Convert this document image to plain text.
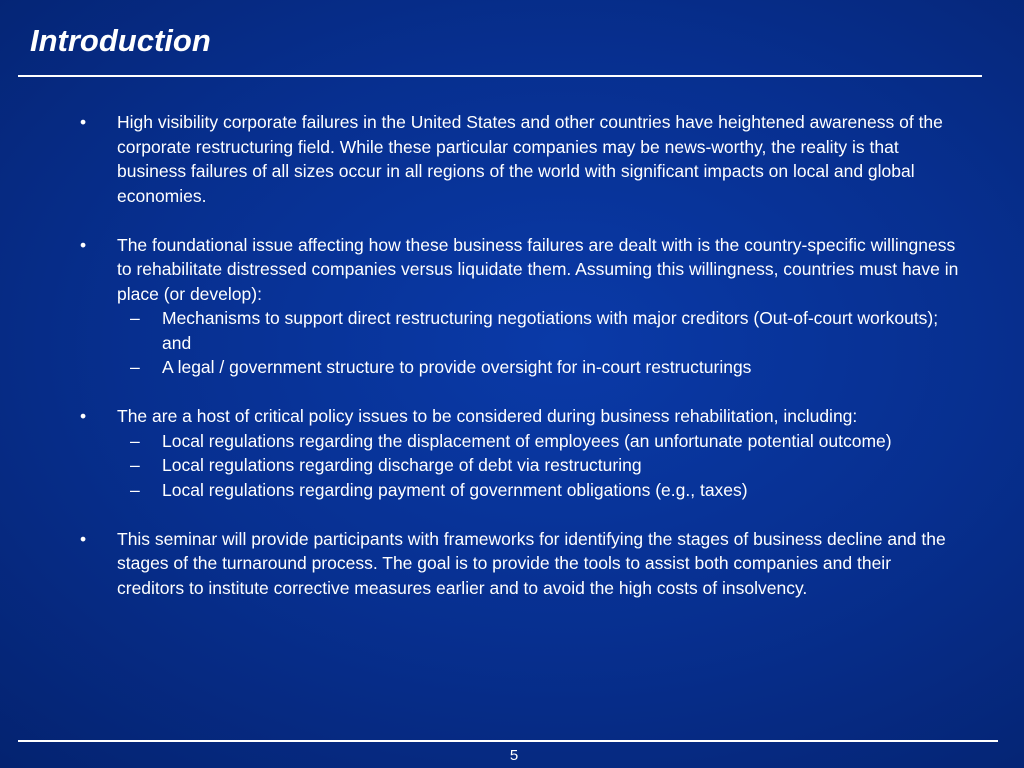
Introduction
• High visibility corporate failures in the United States and other countries have heightened awareness of the corporate restructuring field. While these particular companies may be news-worthy, the reality is that business failures of all sizes occur in all regions of the world with significant impacts on local and global economies.
• The foundational issue affecting how these business failures are dealt with is the country-specific willingness to rehabilitate distressed companies versus liquidate them. Assuming this willingness, countries must have in place (or develop):
– Mechanisms to support direct restructuring negotiations with major creditors (Out-of-court workouts); and
– A legal / government structure to provide oversight for in-court restructurings
• The are a host of critical policy issues to be considered during business rehabilitation, including:
– Local regulations regarding the displacement of employees (an unfortunate potential outcome)
– Local regulations regarding discharge of debt via restructuring
– Local regulations regarding payment of government obligations (e.g., taxes)
• This seminar will provide participants with frameworks for identifying the stages of business decline and the stages of the turnaround process. The goal is to provide the tools to assist both companies and their creditors to institute corrective measures earlier and to avoid the high costs of insolvency.
5
